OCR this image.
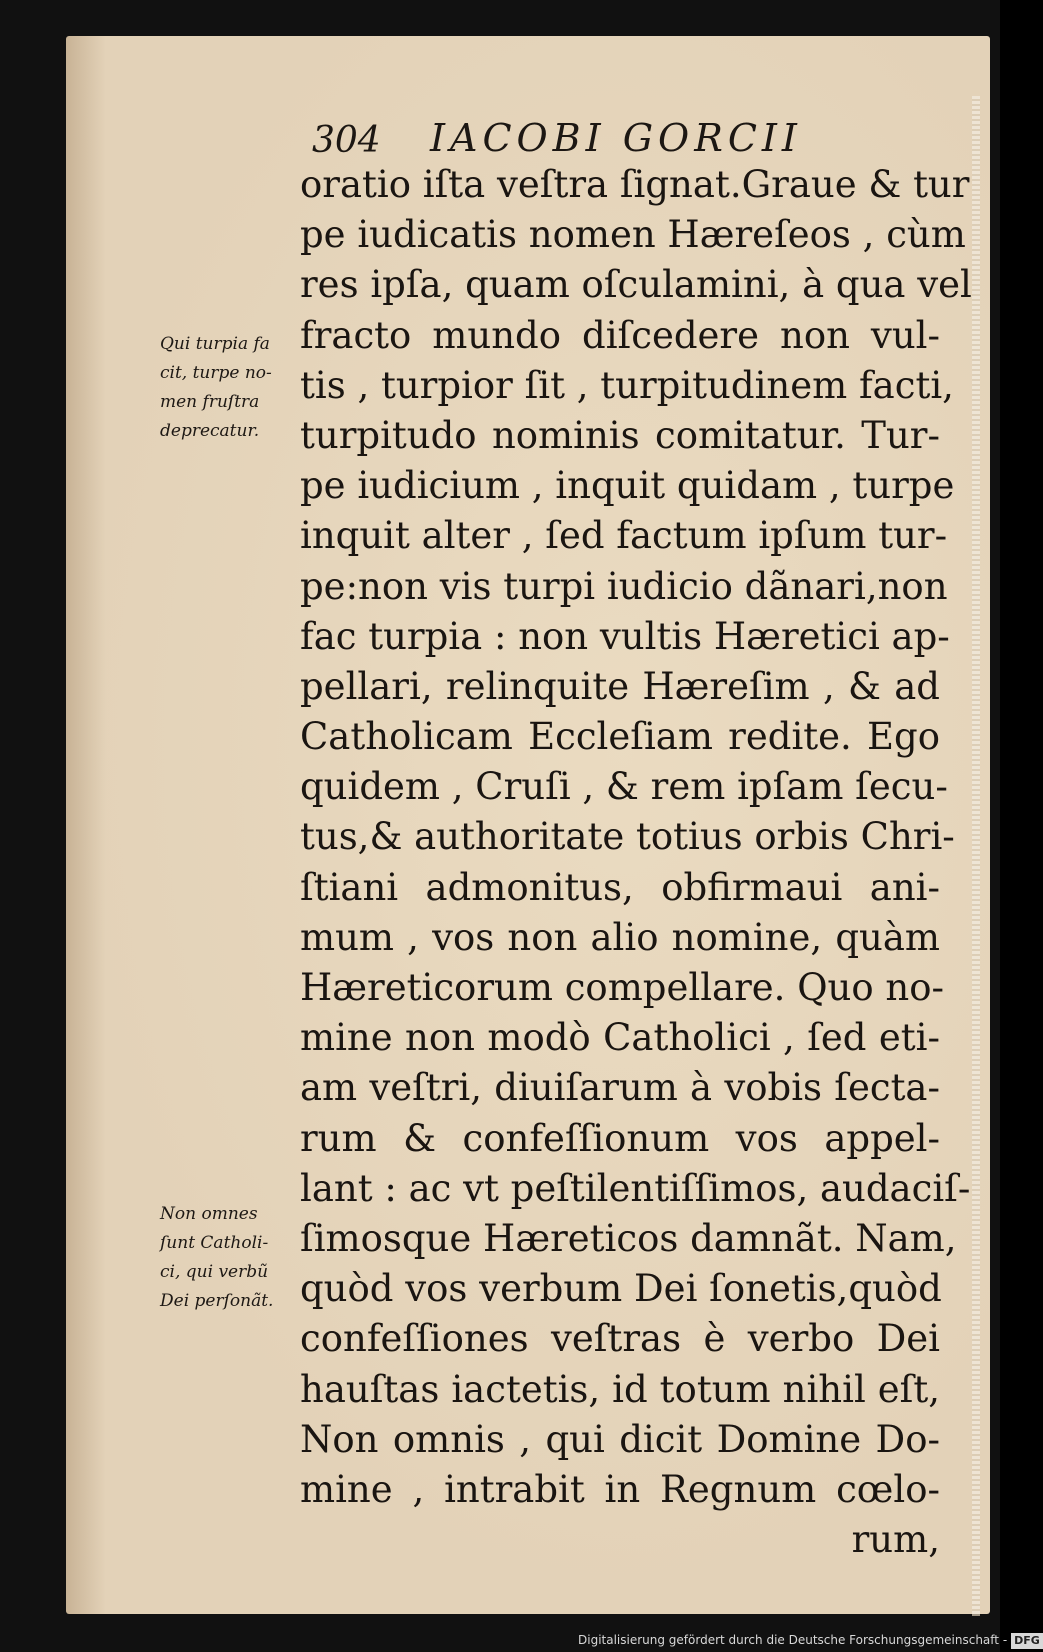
304 IACOBI GORCII
Qui turpia fa
cit, turpe no-
men fruſtra
deprecatur.
Non omnes
ſunt Catholi-
ci, qui verbũ
Dei perſonãt.
oratio iſta veſtra ſignat.Graue & tur
pe iudicatis nomen Hæreſeos , cùm
res ipſa, quam oſculamini, à qua vel
fracto mundo diſcedere non vul-
tis , turpior ſit , turpitudinem facti,
turpitudo nominis comitatur. Tur-
pe iudicium , inquit quidam , turpe
inquit alter , ſed factum ipſum tur-
pe:non vis turpi iudicio dãnari,non
fac turpia : non vultis Hæretici ap-
pellari, relinquite Hæreſim , & ad
Catholicam Eccleſiam redite. Ego
quidem , Cruſi , & rem ipſam ſecu-
tus,& authoritate totius orbis Chri-
ſtiani admonitus, obfirmaui ani-
mum , vos non alio nomine, quàm
Hæreticorum compellare. Quo no-
mine non modò Catholici , ſed eti-
am veſtri, diuiſarum à vobis ſecta-
rum & confeſſionum vos appel-
lant : ac vt peſtilentiſſimos, audaciſ-
ſimosque Hæreticos damnãt. Nam,
quòd vos verbum Dei ſonetis,quòd
confeſſiones veſtras è verbo Dei
hauſtas iactetis, id totum nihil eſt,
Non omnis , qui dicit Domine Do-
mine , intrabit in Regnum cœlo-
rum,
Digitalisierung gefördert durch die Deutsche Forschungsgemeinschaft - DFG
